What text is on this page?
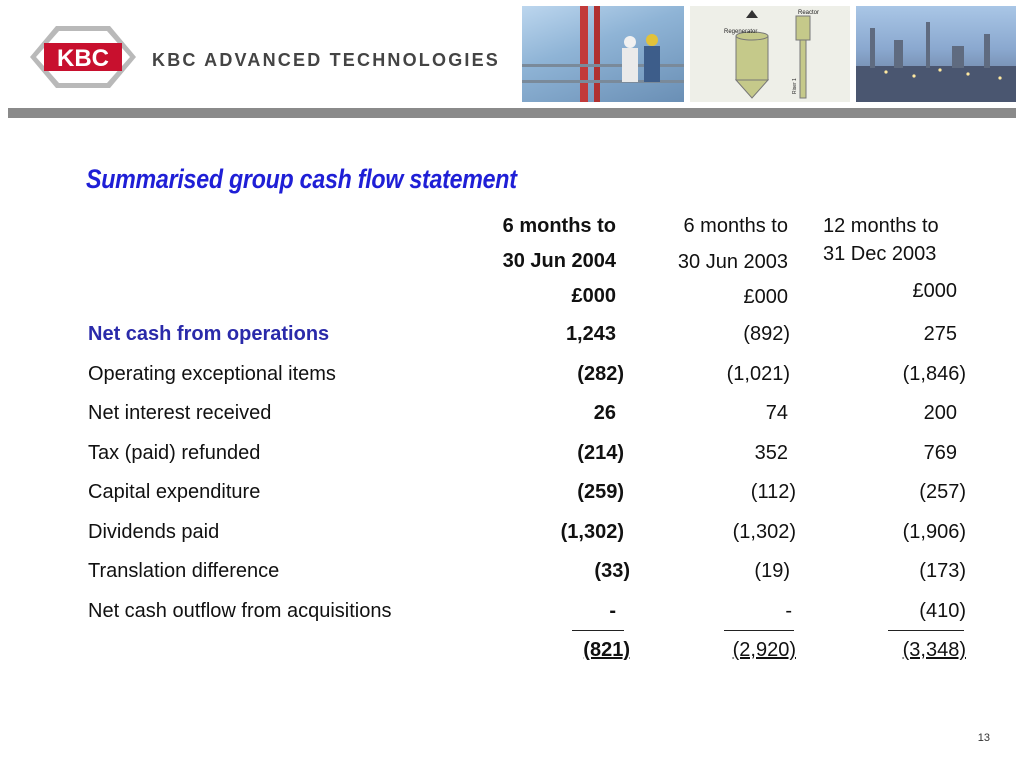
KBC KBC ADVANCED TECHNOLOGIES
Regenerator
Reactor
Riser 1
Summarised group cash flow statement
6 months to
30 Jun 2004
£000
6 months to
30 Jun 2003
£000
12 months to
31 Dec 2003
£000
Net cash from operations
Operating exceptional items
Net interest received
Tax (paid) refunded
Capital expenditure
Dividends paid
Translation difference
Net cash outflow from acquisitions
1,243
(282)
26
(214)
(259)
(1,302)
(33)
-
(892)
(1,021)
74
352
(112)
(1,302)
(19)
-
275
(1,846)
200
769
(257)
(1,906)
(173)
(410)
(821)	(2,920)	(3,348)
13
